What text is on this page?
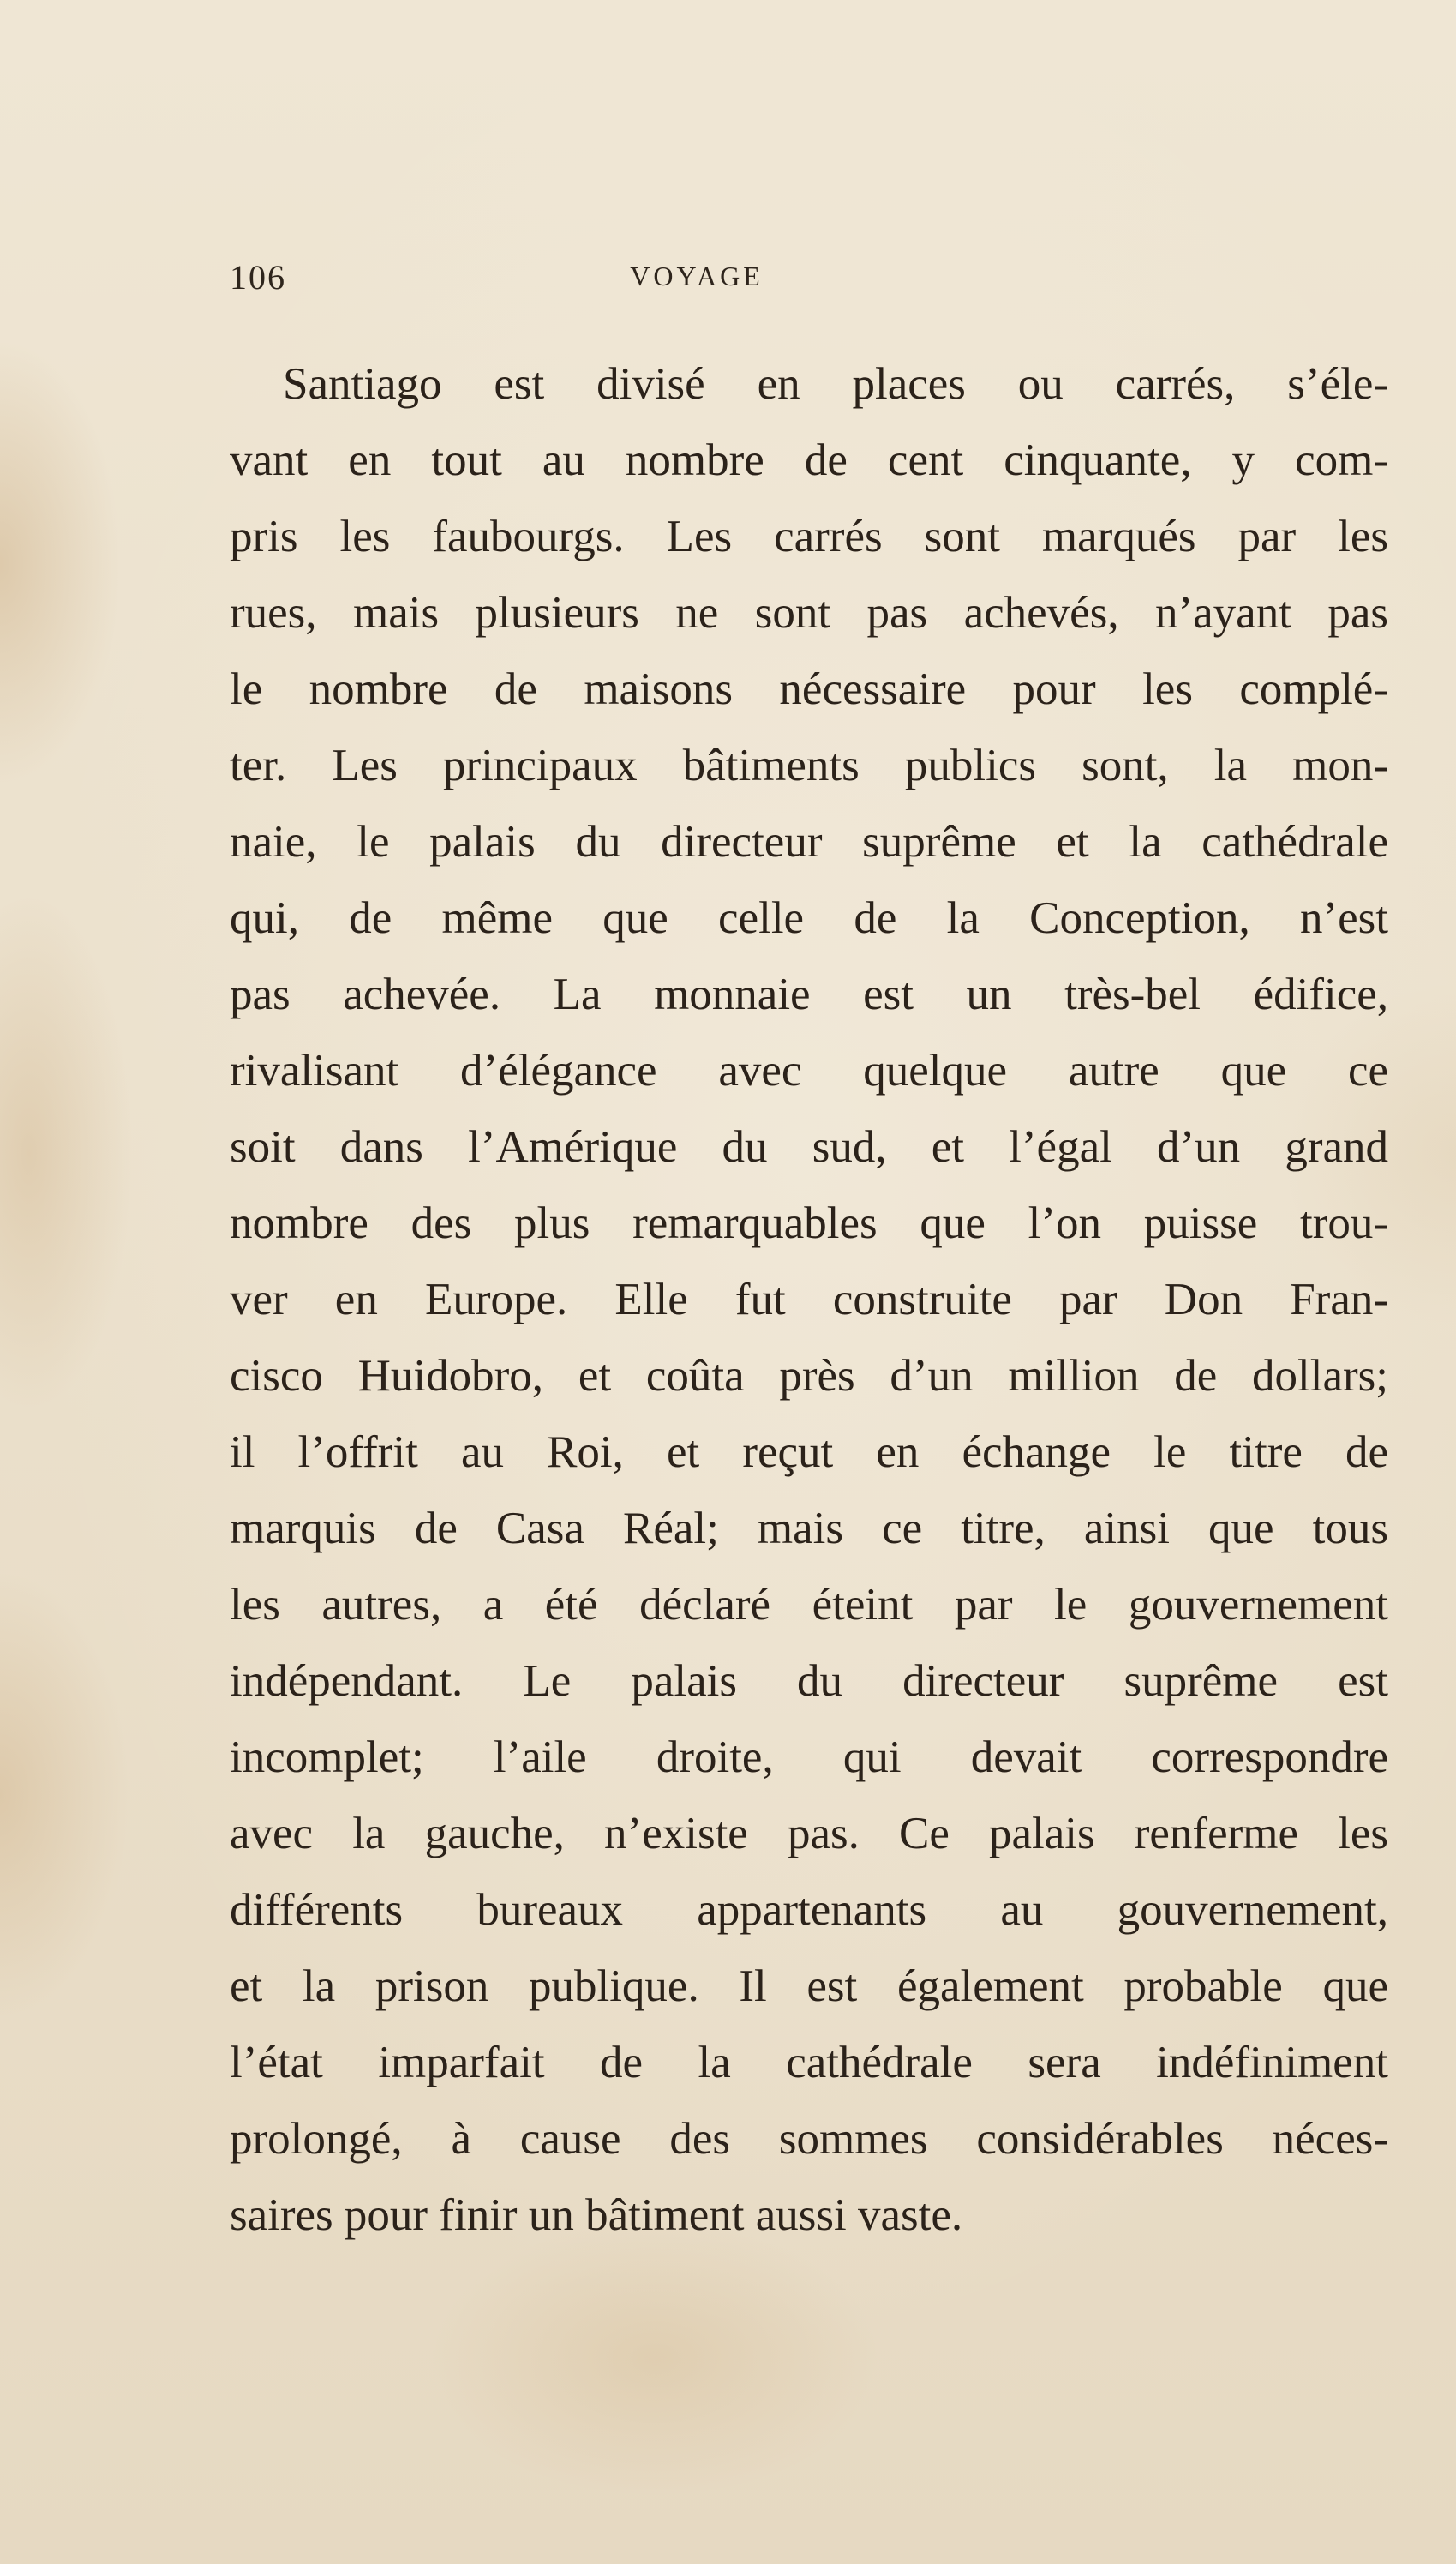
106	VOYAGE
Santiago est divisé en places ou carrés, s’éle-
vant en tout au nombre de cent cinquante, y com-
pris les faubourgs. Les carrés sont marqués par les
rues, mais plusieurs ne sont pas achevés, n’ayant pas
le nombre de maisons nécessaire pour les complé-
ter. Les principaux bâtiments publics sont, la mon-
naie, le palais du directeur suprême et la cathédrale
qui, de même que celle de la Conception, n’est
pas achevée. La monnaie est un très-bel édifice,
rivalisant d’élégance avec quelque autre que ce
soit dans l’Amérique du sud, et l’égal d’un grand
nombre des plus remarquables que l’on puisse trou-
ver en Europe. Elle fut construite par Don Fran-
cisco Huidobro, et coûta près d’un million de dollars;
il l’offrit au Roi, et reçut en échange le titre de
marquis de Casa Réal; mais ce titre, ainsi que tous
les autres, a été déclaré éteint par le gouvernement
indépendant. Le palais du directeur suprême est
incomplet; l’aile droite, qui devait correspondre
avec la gauche, n’existe pas. Ce palais renferme les
différents bureaux appartenants au gouvernement,
et la prison publique. Il est également probable que
l’état imparfait de la cathédrale sera indéfiniment
prolongé, à cause des sommes considérables néces-
saires pour finir un bâtiment aussi vaste.
